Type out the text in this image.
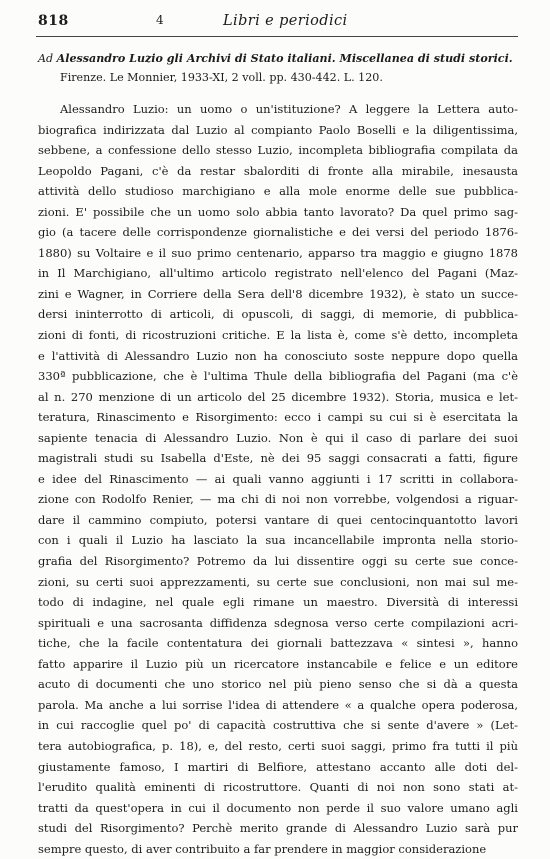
818	4	Libri e periodici
Ad Alessandro Luzio gli Archivi di Stato italiani. Miscellanea di studi storici.
Firenze. Le Monnier, 1933-XI, 2 voll. pp. 430-442. L. 120.
Alessandro Luzio: un uomo o un'istituzione? A leggere la Lettera auto-
biografica indirizzata dal Luzio al compianto Paolo Boselli e la diligentissima,
sebbene, a confessione dello stesso Luzio, incompleta bibliografia compilata da
Leopoldo Pagani, c'è da restar sbalorditi di fronte alla mirabile, inesausta
attività dello studioso marchigiano e alla mole enorme delle sue pubblica-
zioni. E' possibile che un uomo solo abbia tanto lavorato? Da quel primo sag-
gio (a tacere delle corrispondenze giornalistiche e dei versi del periodo 1876-
1880) su Voltaire e il suo primo centenario, apparso tra maggio e giugno 1878
in Il Marchigiano, all'ultimo articolo registrato nell'elenco del Pagani (Maz-
zini e Wagner, in Corriere della Sera dell'8 dicembre 1932), è stato un succe-
dersi ininterrotto di articoli, di opuscoli, di saggi, di memorie, di pubblica-
zioni di fonti, di ricostruzioni critiche. E la lista è, come s'è detto, incompleta
e l'attività di Alessandro Luzio non ha conosciuto soste neppure dopo quella
330ª pubblicazione, che è l'ultima Thule della bibliografia del Pagani (ma c'è
al n. 270 menzione di un articolo del 25 dicembre 1932). Storia, musica e let-
teratura, Rinascimento e Risorgimento: ecco i campi su cui si è esercitata la
sapiente tenacia di Alessandro Luzio. Non è qui il caso di parlare dei suoi
magistrali studi su Isabella d'Este, nè dei 95 saggi consacrati a fatti, figure
e idee del Rinascimento — ai quali vanno aggiunti i 17 scritti in collabora-
zione con Rodolfo Renier, — ma chi di noi non vorrebbe, volgendosi a riguar-
dare il cammino compiuto, potersi vantare di quei centocinquantotto lavori
con i quali il Luzio ha lasciato la sua incancellabile impronta nella storio-
grafia del Risorgimento? Potremo da lui dissentire oggi su certe sue conce-
zioni, su certi suoi apprezzamenti, su certe sue conclusioni, non mai sul me-
todo di indagine, nel quale egli rimane un maestro. Diversità di interessi
spirituali e una sacrosanta diffidenza sdegnosa verso certe compilazioni acri-
tiche, che la facile contentatura dei giornali battezzava « sintesi », hanno
fatto apparire il Luzio più un ricercatore instancabile e felice e un editore
acuto di documenti che uno storico nel più pieno senso che si dà a questa
parola. Ma anche a lui sorrise l'idea di attendere « a qualche opera poderosa,
in cui raccoglie quel po' di capacità costruttiva che si sente d'avere » (Let-
tera autobiografica, p. 18), e, del resto, certi suoi saggi, primo fra tutti il più
giustamente famoso, I martiri di Belfiore, attestano accanto alle doti del-
l'erudito qualità eminenti di ricostruttore. Quanti di noi non sono stati at-
tratti da quest'opera in cui il documento non perde il suo valore umano agli
studi del Risorgimento? Perchè merito grande di Alessandro Luzio sarà pur
sempre questo, di aver contribuito a far prendere in maggior considerazione
